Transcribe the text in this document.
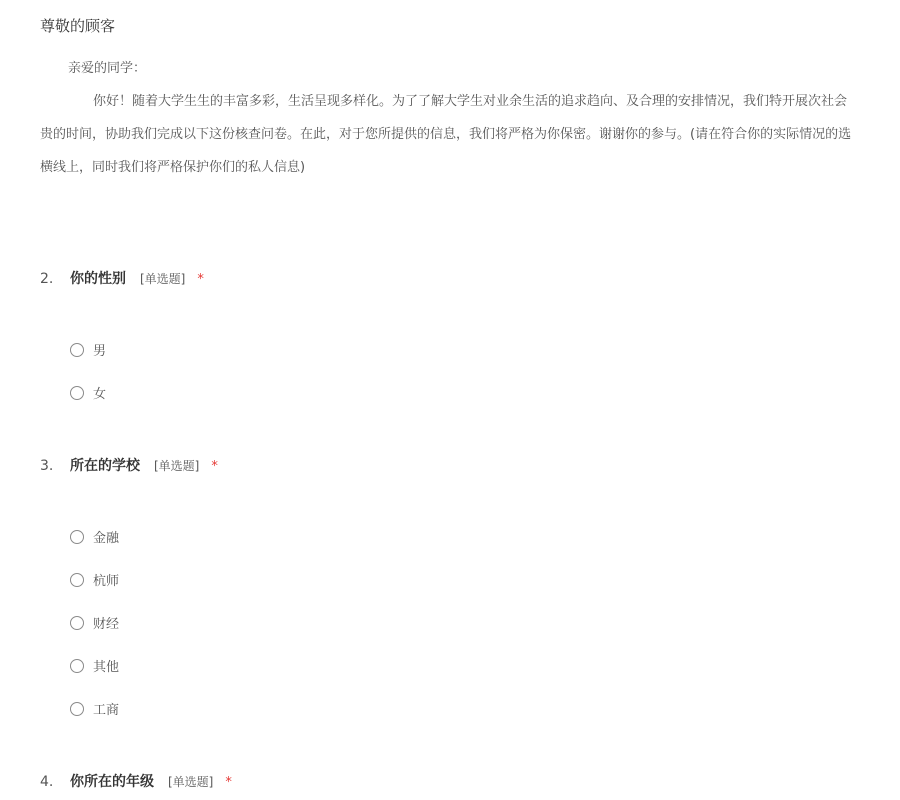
尊敬的顾客
亲爱的同学：
你好！随着大学生生的丰富多彩，生活呈现多样化。为了了解大学生对业余生活的追求趋向、及合理的安排情况，我们特开展次社会
贵的时间，协助我们完成以下这份核查问卷。在此，对于您所提供的信息，我们将严格为你保密。谢谢你的参与。(请在符合你的实际情况的选
横线上，同时我们将严格保护你们的私人信息)
2.	你的性别 [单选题] *
男
女
3.	所在的学校 [单选题] *
金融
杭师
财经
其他
工商
4.	你所在的年级 [单选题] *
